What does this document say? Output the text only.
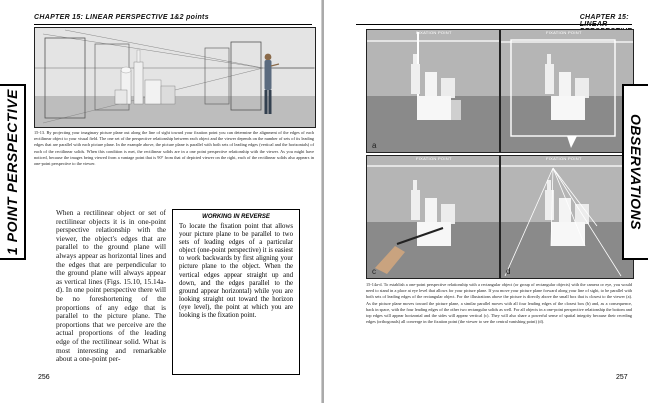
CHAPTER 15: LINEAR PERSPECTIVE 1&2 points
15-13. By projecting your imaginary picture plane out along the line of sight toward your fixation point you can determine the alignment of the edges of each rectilinear object to your visual field. The one set of the perspective relationship between each object and the viewer depends on the number of sets of its leading edges that are parallel with each picture plane. In the example above, the picture plane is parallel with both sets of leading edges (vertical and the horizontals) of each of the rectilinear solids. When this condition is met, the rectilinear solids are in a one point perspective relationship with the viewer. As you might have noticed, because the images being viewed from a vantage point that is 90° from that of depicted viewer on the right, each of the rectilinear solids also appears in one-point perspective to the viewer.
When a rectilinear object or set of rectilinear objects it is in one-point perspective relationship with the viewer, the object's edges that are parallel to the ground plane will always appear as horizontal lines and the edges that are perpendicular to the ground plane will always appear as vertical lines (Figs. 15.10, 15.14a-d). In one point perspective there will be no foreshortening of the proportions of any edge that is parallel to the picture plane. The proportions that we perceive are the actual proportions of the leading edge of the rectilinear solid. What is most interesting and remarkable about a one-point per-
WORKING IN REVERSE
To locate the fixation point that allows your picture plane to be parallel to two sets of leading edges of a particular object (one-point perspective) it is easiest to work backwards by first aligning your picture plane to the object. When the vertical edges appear straight up and down, and the edges parallel to the ground appear horizontal) while you are looking straight out toward the horizon (eye level), the point at which you are looking is the fixation point.
256
1 POINT PERSPECTIVE
CHAPTER 15:
a
FIXATION POINT	FIXATION POINT
c
FIXATION POINT
d
FIXATION POINT
15-14a-d. To establish a one-point perspective relationship with a rectangular object (or group of rectangular objects) with the camera or eye, you would need to stand in a place at eye level that allows for your picture plane. If you move your picture plane forward along your line of sight, to be parallel with both sets of leading edges of the rectangular object. For the illustrations above the picture is directly above the small box that is closest to the viewer (a). As the picture plane moves toward the picture plane, a similar parallel moves with all four leading edges of the closest box (b) and, as a consequence, back in space, with the four leading edges of the other two rectangular solids as well. For all objects in a one-point perspective relationship the bottom and top edges will appear horizontal and the sides will appear vertical (c). They will also share a powerful sense of spatial integrity because their receding edges (orthogonals) all converge in the fixation point (the viewer to see the central vanishing point) (d).
257
OBSERVATIONS
